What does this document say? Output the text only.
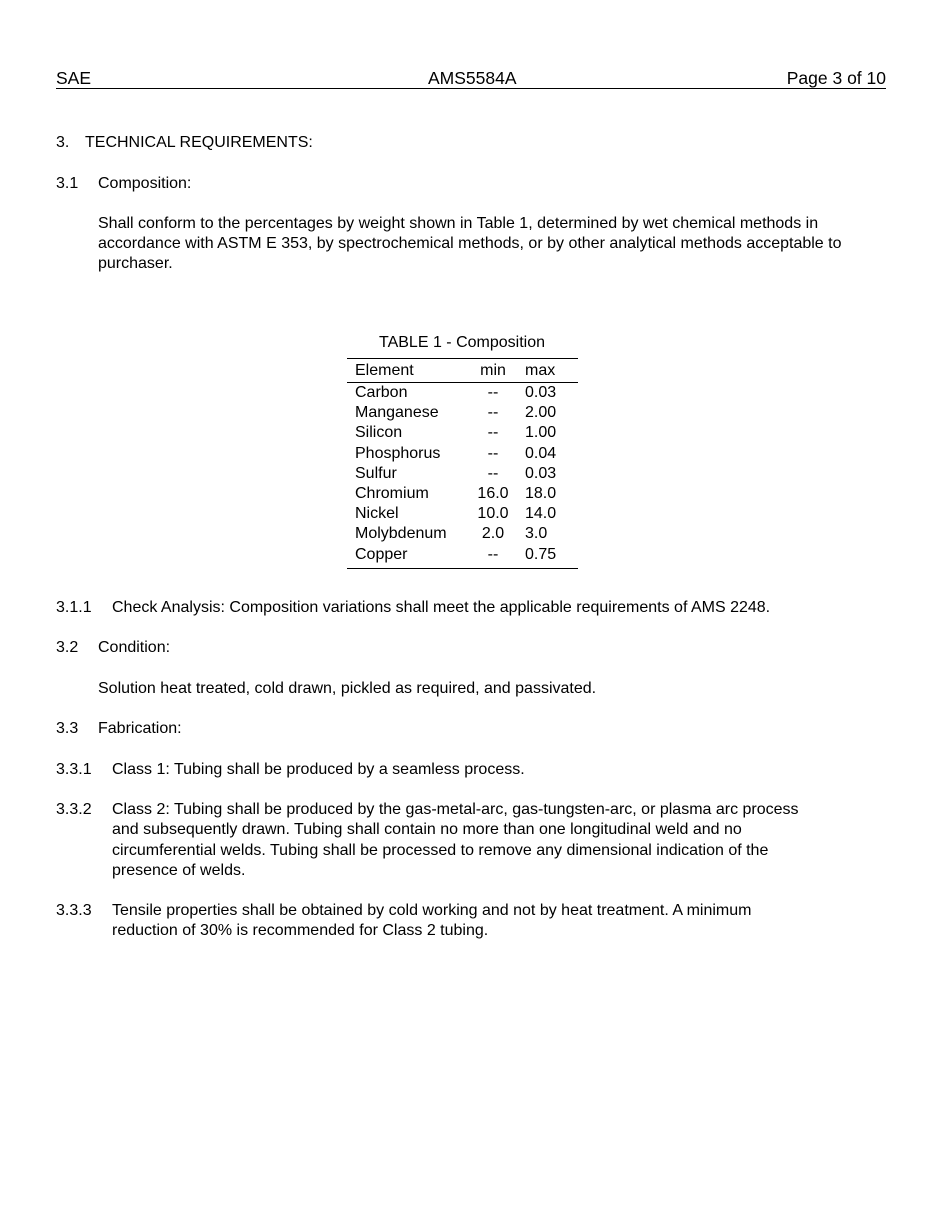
SAE	AMS5584A	Page 3 of 10
3. TECHNICAL REQUIREMENTS:
3.1 Composition:
Shall conform to the percentages by weight shown in Table 1, determined by wet chemical methods in accordance with ASTM E 353, by spectrochemical methods, or by other analytical methods acceptable to purchaser.
TABLE 1 - Composition
Element	min	max
Carbon	--	0.03
Manganese	--	2.00
Silicon	--	1.00
Phosphorus	--	0.04
Sulfur	--	0.03
Chromium	16.0	18.0
Nickel	10.0	14.0
Molybdenum	2.0	3.0
Copper	--	0.75
3.1.1 Check Analysis: Composition variations shall meet the applicable requirements of AMS 2248.
3.2 Condition:
Solution heat treated, cold drawn, pickled as required, and passivated.
3.3 Fabrication:
3.3.1 Class 1: Tubing shall be produced by a seamless process.
3.3.2 Class 2: Tubing shall be produced by the gas-metal-arc, gas-tungsten-arc, or plasma arc process
and subsequently drawn. Tubing shall contain no more than one longitudinal weld and no
circumferential welds. Tubing shall be processed to remove any dimensional indication of the
presence of welds.
3.3.3 Tensile properties shall be obtained by cold working and not by heat treatment. A minimum
reduction of 30% is recommended for Class 2 tubing.
